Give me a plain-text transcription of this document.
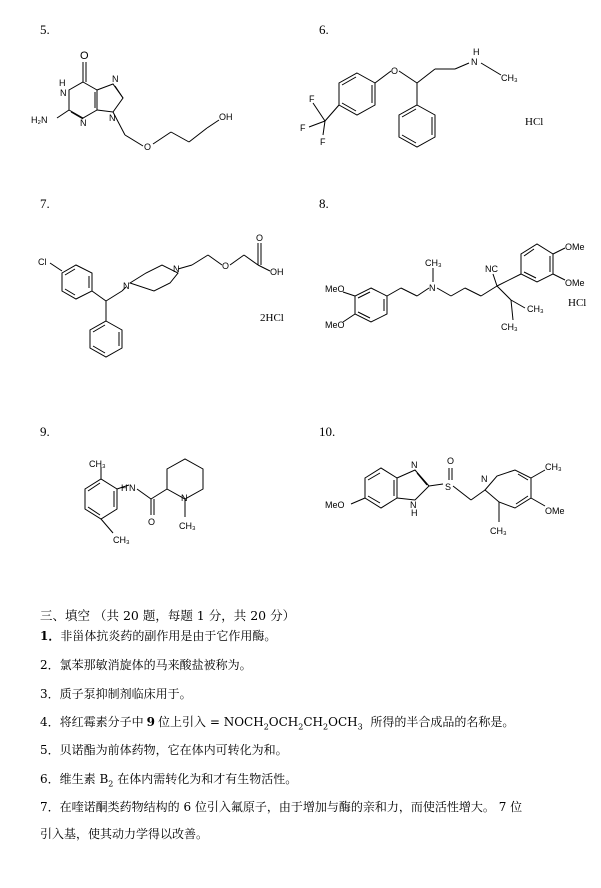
5.
O
H
N
H₂N	N
N
N
O
OH
6.
O
H
N
CH₃
F
F
F
HCl
7.
Cl
N
N	O
O
OH
2HCl
8.
MeO
MeO
N
CH₃
NC
OMe
OMe
CH₃
CH₃
HCl
9.
CH₃
CH₃
N
H
O
N
CH₃
10.
MeO
N
N
H
S
O
N
CH₃
OMe
CH₃
三、填空 （共 20 题，每题 1 分，共 20 分）
1．非甾体抗炎药的副作用是由于它作用酶。
2．氯苯那敏消旋体的马来酸盐被称为。
3．质子泵抑制剂临床用于。
4．将红霉素分子中 9 位上引入 = $NOCH_2OCH_2CH_2OCH_3$  所得的半合成品的名称是。
5．贝诺酯为前体药物，它在体内可转化为和。
6．维生素 $B_2$ 在体内需转化为和才有生物活性。
7．在喹诺酮类药物结构的 6 位引入氟原子，由于增加与酶的亲和力，而使活性增大。 7 位
引入基，使其动力学得以改善。
